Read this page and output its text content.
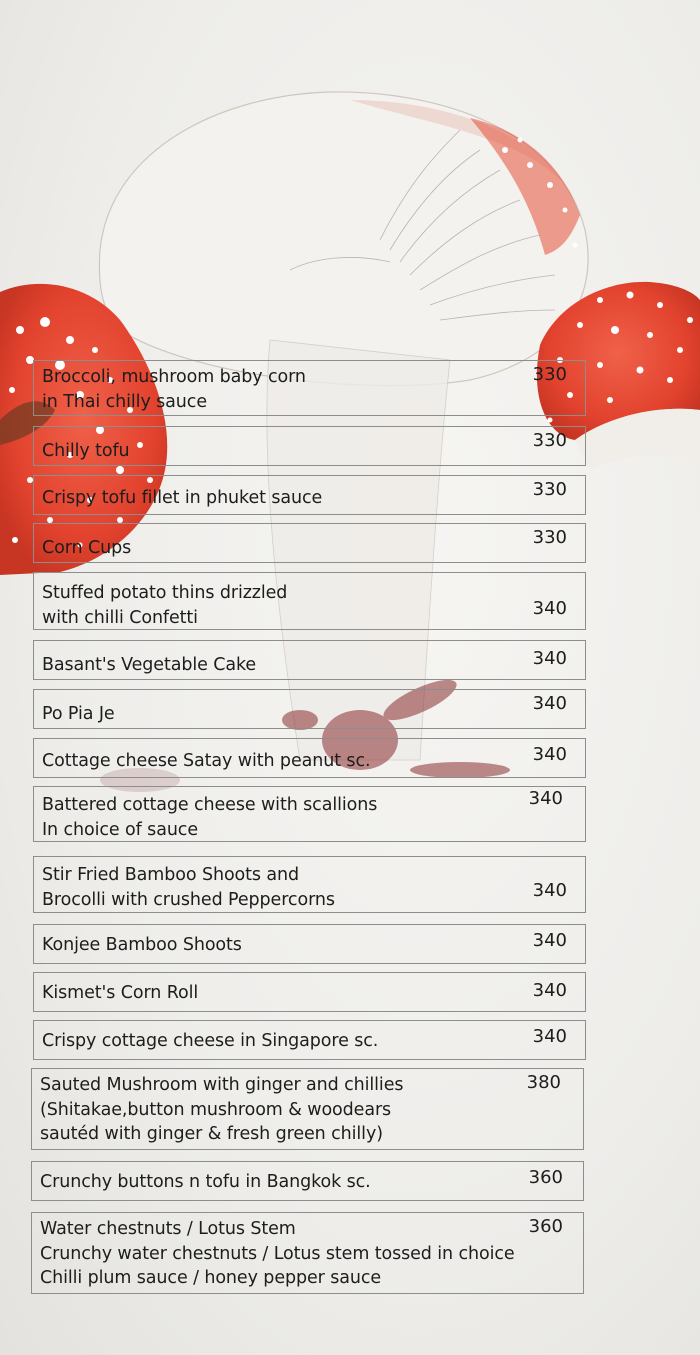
Broccoli, mushroom baby corn
in Thai chilly sauce
330
Chilly tofu	330
Crispy tofu fillet in phuket sauce	330
Corn Cups	330
Stuffed potato thins drizzled
with chilli Confetti	340
Basant's Vegetable Cake	340
Po Pia Je	340
Cottage cheese Satay with peanut sc.	340
Battered cottage cheese with scallions
In choice of sauce
340
Stir Fried Bamboo Shoots and
Brocolli with crushed Peppercorns	340
Konjee Bamboo Shoots	340
Kismet's Corn Roll	340
Crispy cottage cheese in Singapore sc.	340
Sauted Mushroom with ginger and chillies
(Shitakae,button mushroom & woodears
sautéd with ginger & fresh green chilly)
380
Crunchy buttons n tofu in Bangkok sc.	360
Water chestnuts / Lotus Stem
Crunchy water chestnuts / Lotus stem tossed in choice
Chilli plum sauce / honey pepper sauce
360
